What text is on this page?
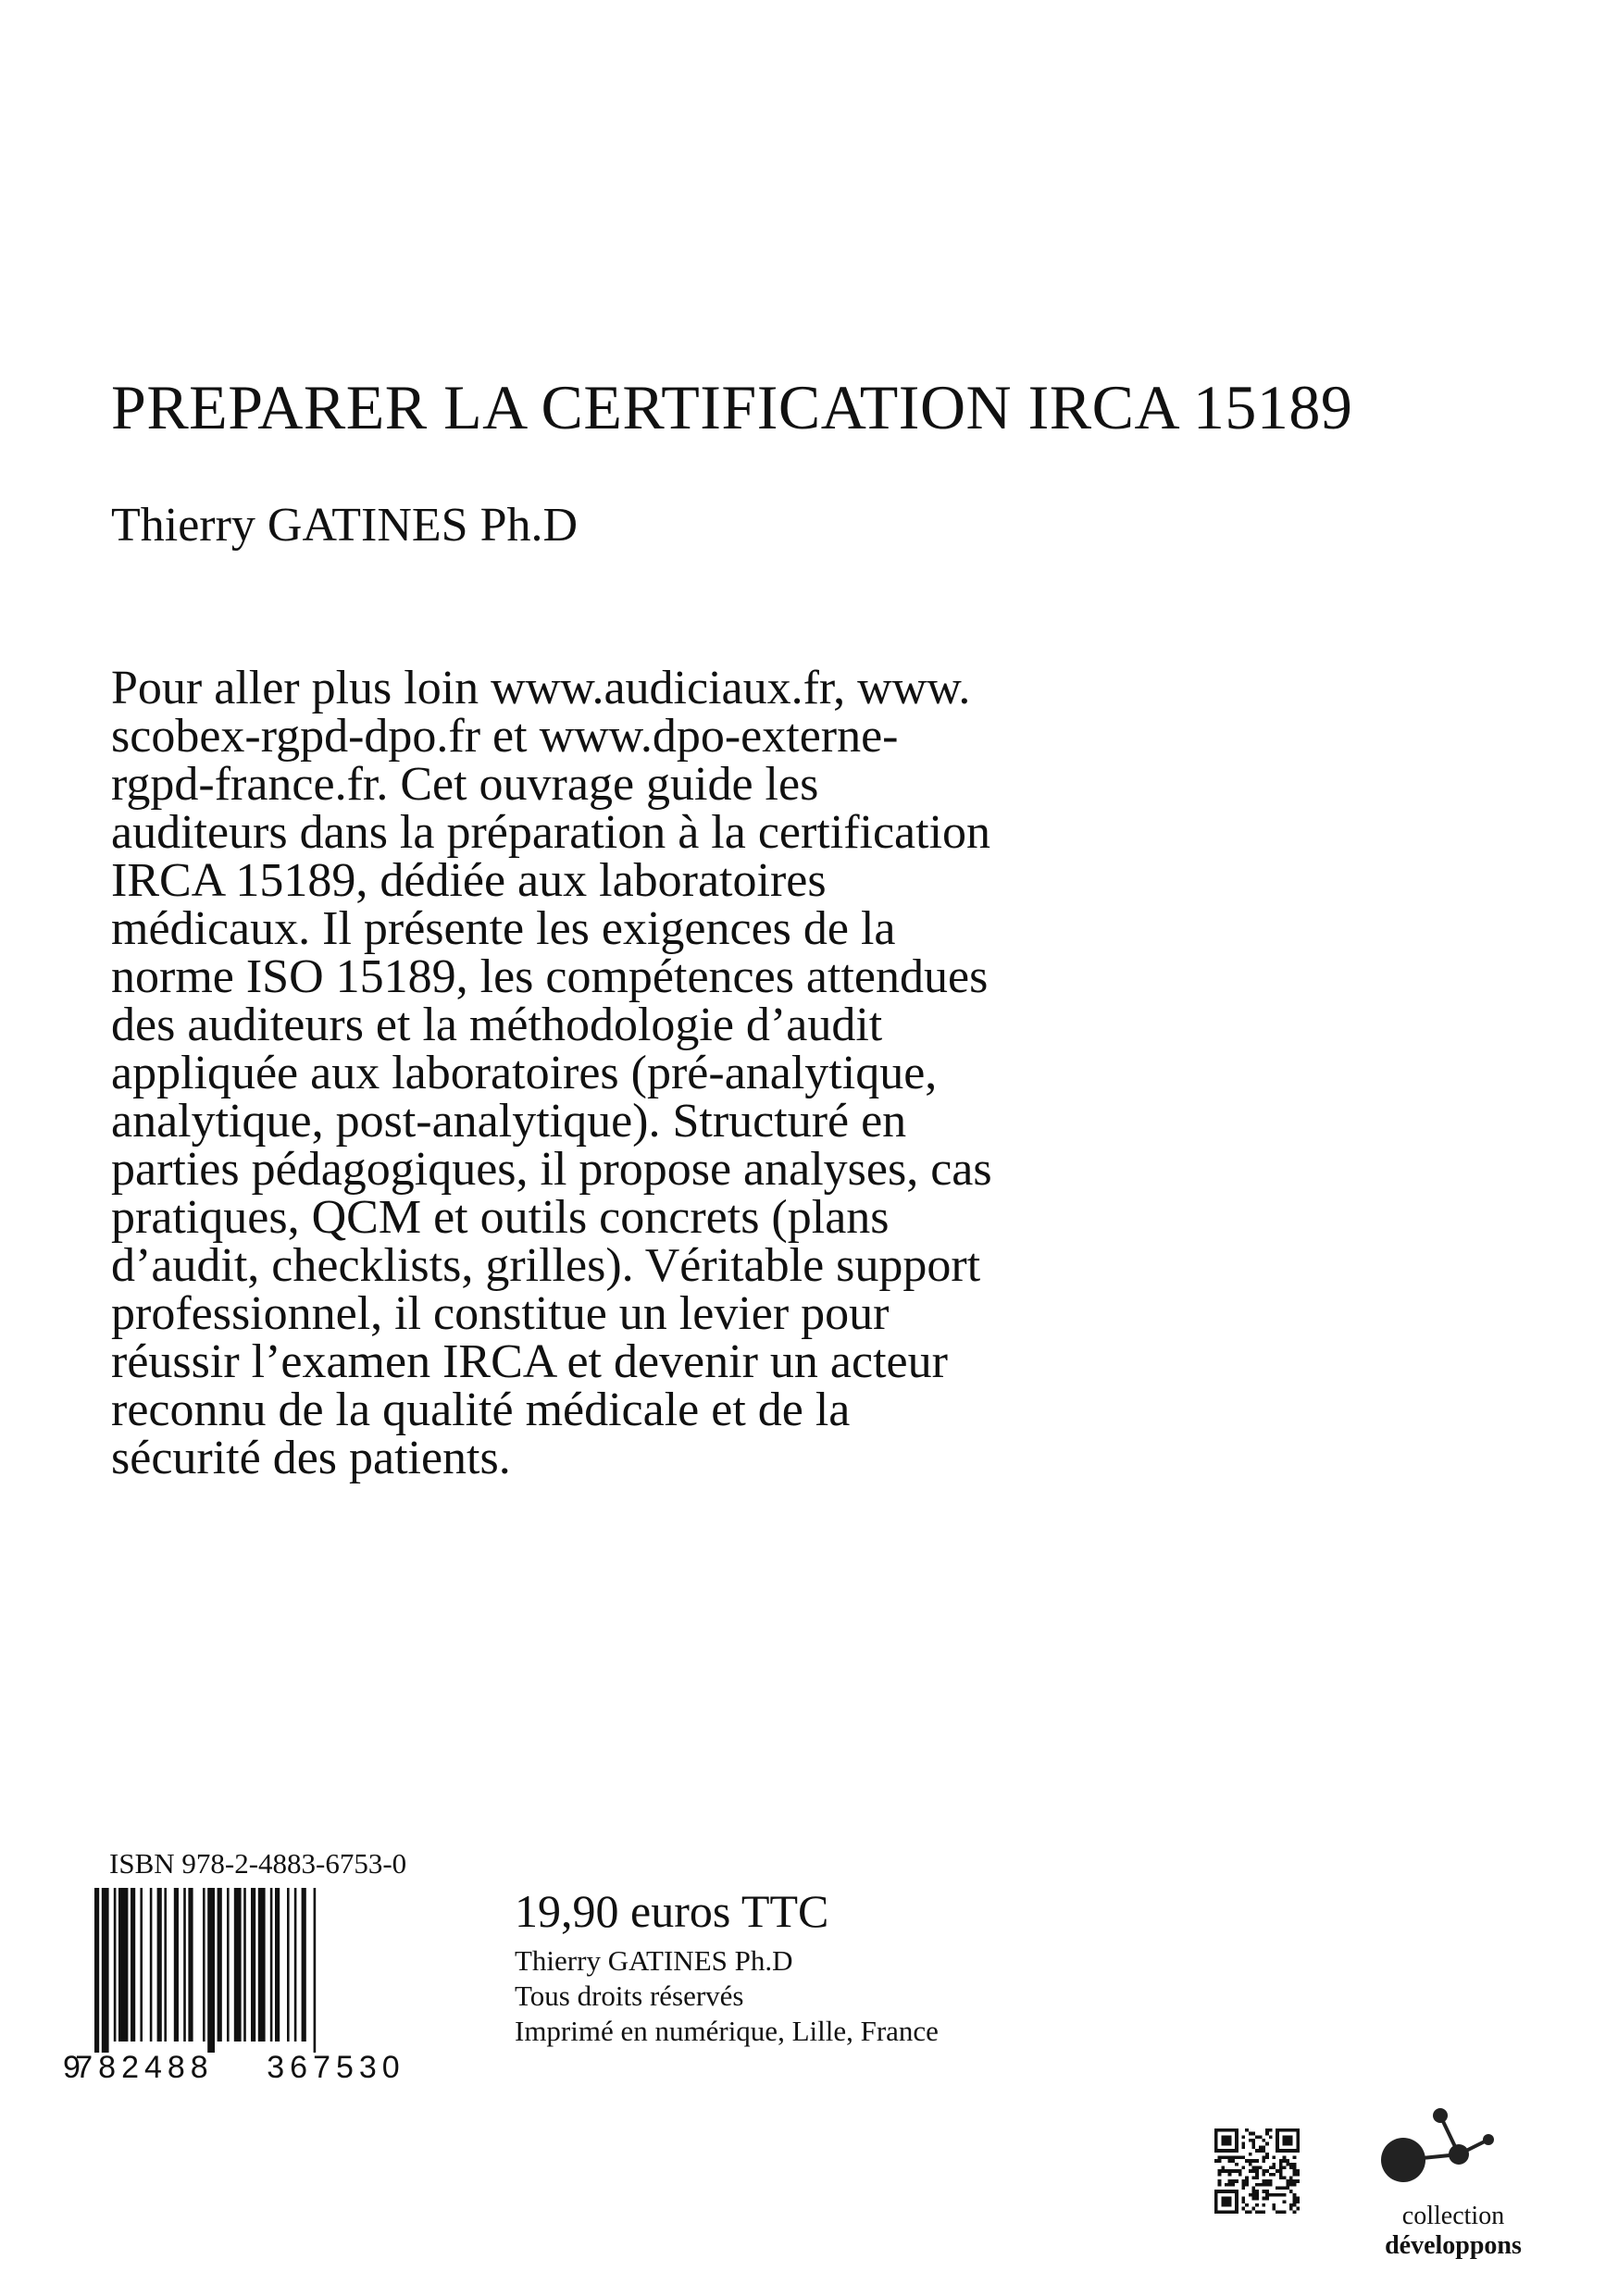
PREPARER LA CERTIFICATION IRCA 15189
Thierry GATINES Ph.D
Pour aller plus loin www.audiciaux.fr, www.
scobex-rgpd-dpo.fr et www.dpo-externe-
rgpd-france.fr. Cet ouvrage guide les
auditeurs dans la préparation à la certification
IRCA 15189, dédiée aux laboratoires
médicaux. Il présente les exigences de la
norme ISO 15189, les compétences attendues
des auditeurs et la méthodologie d’audit
appliquée aux laboratoires (pré-analytique,
analytique, post-analytique). Structuré en
parties pédagogiques, il propose analyses, cas
pratiques, QCM et outils concrets (plans
d’audit, checklists, grilles). Véritable support
professionnel, il constitue un levier pour
réussir l’examen IRCA et devenir un acteur
reconnu de la qualité médicale et de la
sécurité des patients.
ISBN 978-2-4883-6753-0
9
782488 367530
19,90 euros TTC
Thierry GATINES Ph.D
Tous droits réservés
Imprimé en numérique, Lille, France
collection
développons
